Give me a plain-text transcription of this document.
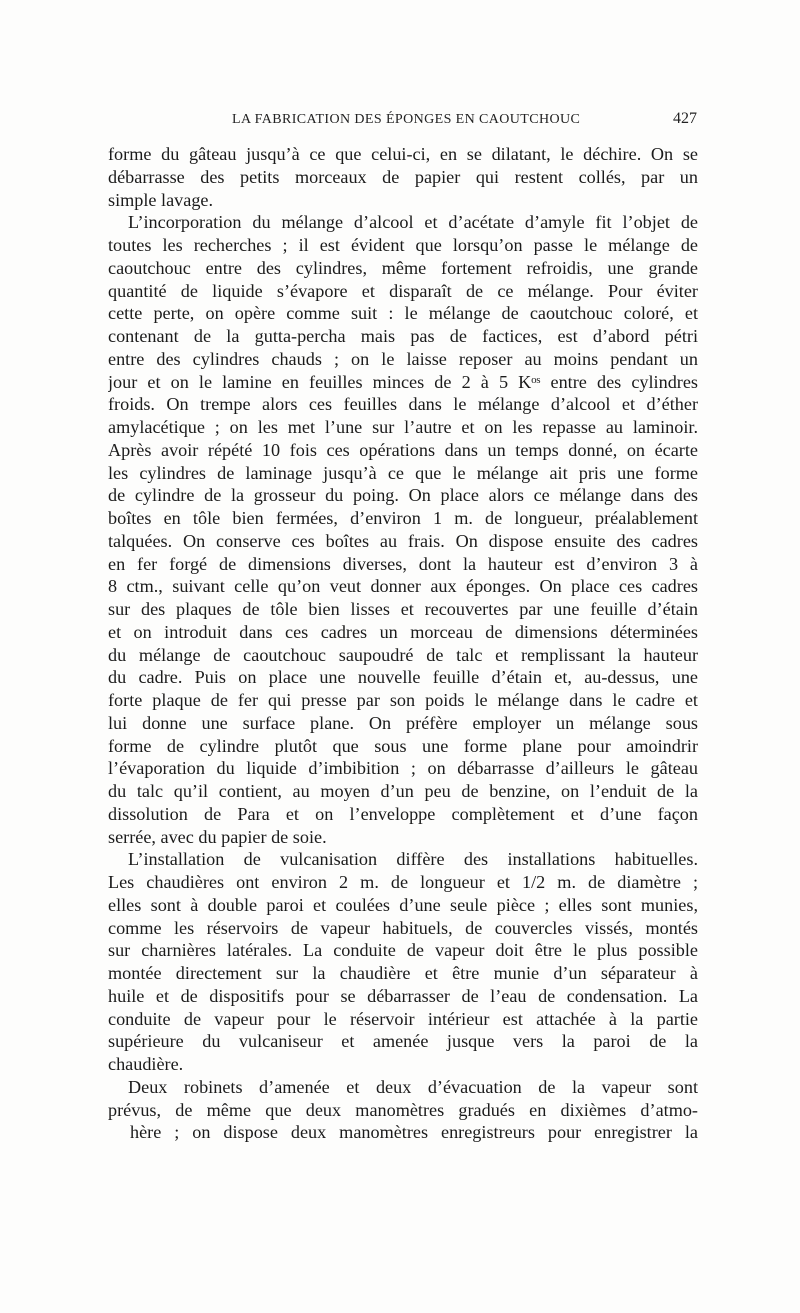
LA FABRICATION DES ÉPONGES EN CAOUTCHOUC	427
forme du gâteau jusqu’à ce que celui-ci, en se dilatant, le déchire. On se
débarrasse des petits morceaux de papier qui restent collés, par un
simple lavage.
L’incorporation du mélange d’alcool et d’acétate d’amyle fit l’objet de
toutes les recherches ; il est évident que lorsqu’on passe le mélange de
caoutchouc entre des cylindres, même fortement refroidis, une grande
quantité de liquide s’évapore et disparaît de ce mélange. Pour éviter
cette perte, on opère comme suit : le mélange de caoutchouc coloré, et
contenant de la gutta-percha mais pas de factices, est d’abord pétri
entre des cylindres chauds ; on le laisse reposer au moins pendant un
jour et on le lamine en feuilles minces de 2 à 5 Kᵒˢ entre des cylindres
froids. On trempe alors ces feuilles dans le mélange d’alcool et d’éther
amylacétique ; on les met l’une sur l’autre et on les repasse au laminoir.
Après avoir répété 10 fois ces opérations dans un temps donné, on écarte
les cylindres de laminage jusqu’à ce que le mélange ait pris une forme
de cylindre de la grosseur du poing. On place alors ce mélange dans des
boîtes en tôle bien fermées, d’environ 1 m. de longueur, préalablement
talquées. On conserve ces boîtes au frais. On dispose ensuite des cadres
en fer forgé de dimensions diverses, dont la hauteur est d’environ 3 à
8 ctm., suivant celle qu’on veut donner aux éponges. On place ces cadres
sur des plaques de tôle bien lisses et recouvertes par une feuille d’étain
et on introduit dans ces cadres un morceau de dimensions déterminées
du mélange de caoutchouc saupoudré de talc et remplissant la hauteur
du cadre. Puis on place une nouvelle feuille d’étain et, au-dessus, une
forte plaque de fer qui presse par son poids le mélange dans le cadre et
lui donne une surface plane. On préfère employer un mélange sous
forme de cylindre plutôt que sous une forme plane pour amoindrir
l’évaporation du liquide d’imbibition ; on débarrasse d’ailleurs le gâteau
du talc qu’il contient, au moyen d’un peu de benzine, on l’enduit de la
dissolution de Para et on l’enveloppe complètement et d’une façon
serrée, avec du papier de soie.
L’installation de vulcanisation diffère des installations habituelles.
Les chaudières ont environ 2 m. de longueur et 1/2 m. de diamètre ;
elles sont à double paroi et coulées d’une seule pièce ; elles sont munies,
comme les réservoirs de vapeur habituels, de couvercles vissés, montés
sur charnières latérales. La conduite de vapeur doit être le plus possible
montée directement sur la chaudière et être munie d’un séparateur à
huile et de dispositifs pour se débarrasser de l’eau de condensation. La
conduite de vapeur pour le réservoir intérieur est attachée à la partie
supérieure du vulcaniseur et amenée jusque vers la paroi de la
chaudière.
Deux robinets d’amenée et deux d’évacuation de la vapeur sont
prévus, de même que deux manomètres gradués en dixièmes d’atmo-
hère ; on dispose deux manomètres enregistreurs pour enregistrer la
